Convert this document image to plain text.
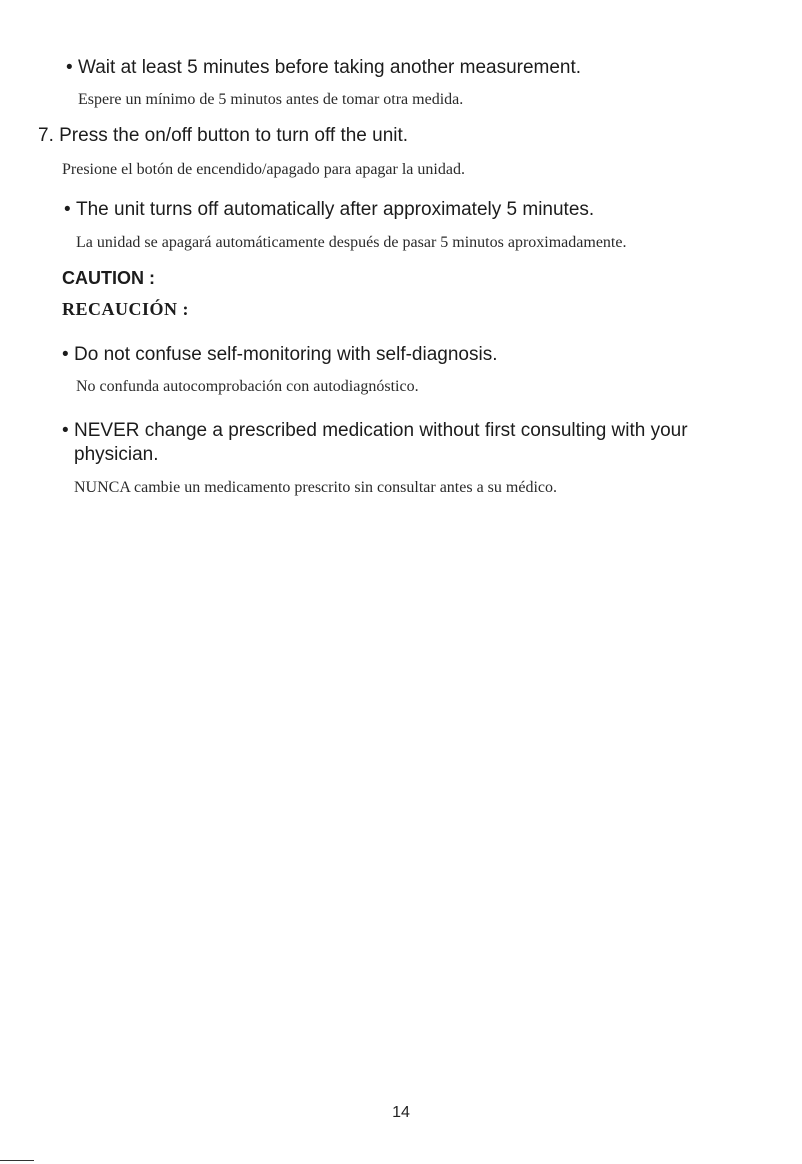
• Wait at least 5 minutes before taking another measurement.
Espere un mínimo de 5 minutos antes de tomar otra medida.
7. Press the on/off button to turn off the unit.
Presione el botón de encendido/apagado para apagar la unidad.
• The unit turns off automatically after approximately 5 minutes.
La unidad se apagará automáticamente después de pasar 5 minutos aproximadamente.
CAUTION :
RECAUCIÓN :
• Do not confuse self-monitoring with self-diagnosis.
No confunda autocomprobación con autodiagnóstico.
• NEVER change a prescribed medication without first consulting with your
physician.
NUNCA cambie un medicamento prescrito sin consultar antes a su médico.
14
